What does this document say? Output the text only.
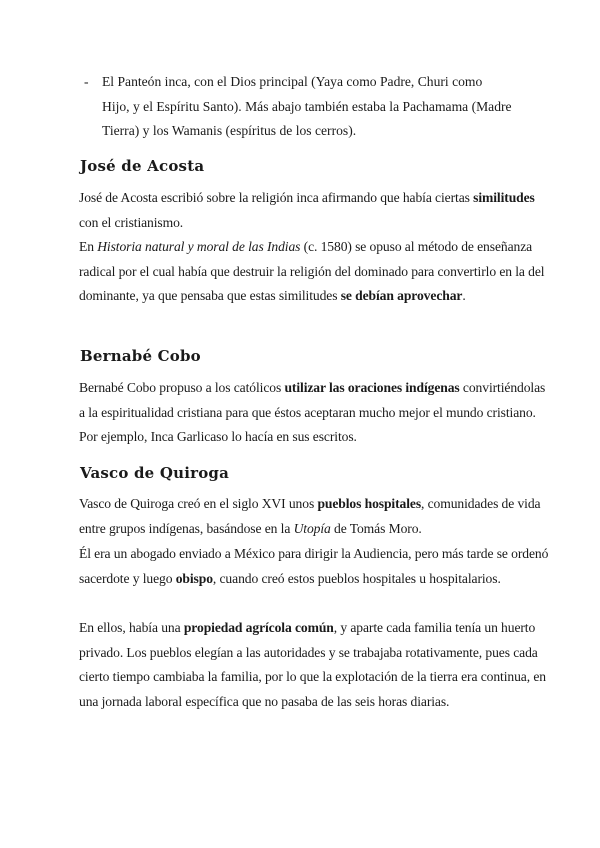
- El Panteón inca, con el Dios principal (Yaya como Padre, Churi como
Hijo, y el Espíritu Santo). Más abajo también estaba la Pachamama (Madre
Tierra) y los Wamanis (espíritus de los cerros).

José de Acosta

José de Acosta escribió sobre la religión inca afirmando que había ciertas similitudes con el cristianismo.

En Historia natural y moral de las Indias (c. 1580) se opuso al método de enseñanza radical por el cual había que destruir la religión del dominado para convertirlo en la del dominante, ya que pensaba que estas similitudes se debían aprovechar.

Bernabé Cobo

Bernabé Cobo propuso a los católicos utilizar las oraciones indígenas convirtiéndolas a la espiritualidad cristiana para que éstos aceptaran mucho mejor el mundo cristiano. Por ejemplo, Inca Garlicaso lo hacía en sus escritos.

Vasco de Quiroga

Vasco de Quiroga creó en el siglo XVI unos pueblos hospitales, comunidades de vida entre grupos indígenas, basándose en la Utopía de Tomás Moro.

Él era un abogado enviado a México para dirigir la Audiencia, pero más tarde se ordenó sacerdote y luego obispo, cuando creó estos pueblos hospitales u hospitalarios.

En ellos, había una propiedad agrícola común, y aparte cada familia tenía un huerto privado. Los pueblos elegían a las autoridades y se trabajaba rotativamente, pues cada cierto tiempo cambiaba la familia, por lo que la explotación de la tierra era continua, en una jornada laboral específica que no pasaba de las seis horas diarias.
